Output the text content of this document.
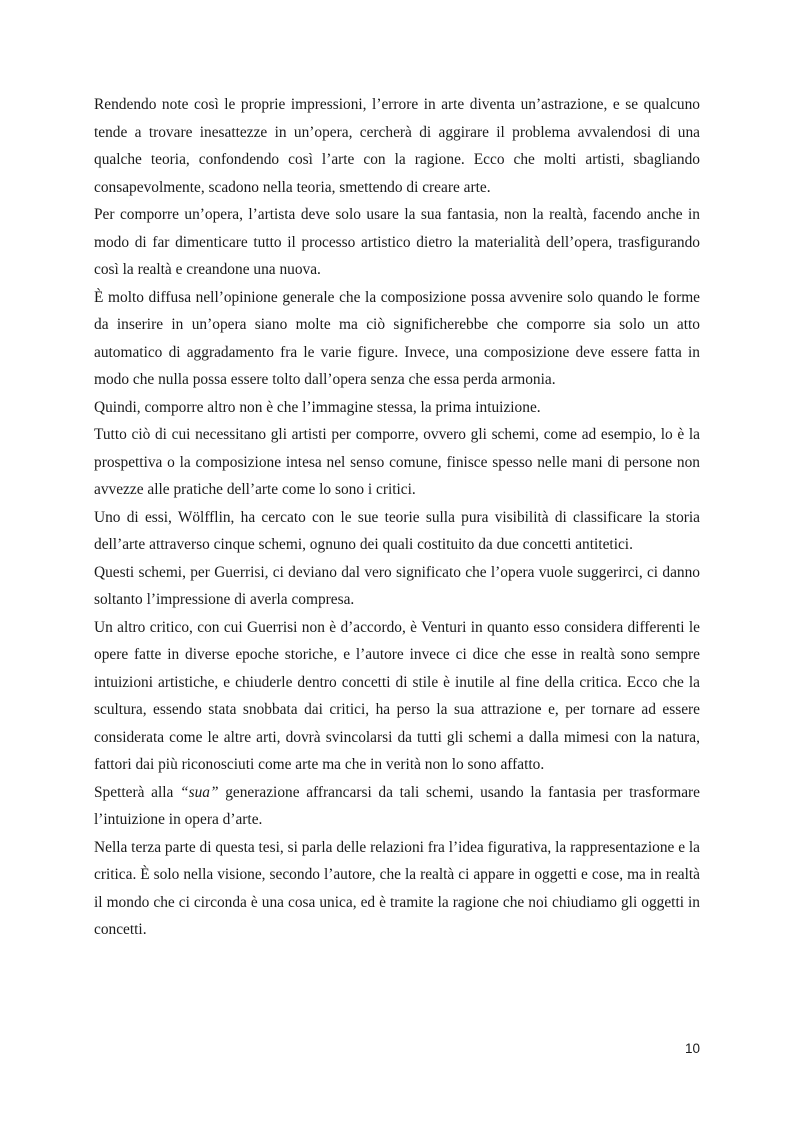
Rendendo note così le proprie impressioni, l’errore in arte diventa un’astrazione, e se qualcuno tende a trovare inesattezze in un’opera, cercherà di aggirare il problema avvalendosi di una qualche teoria, confondendo così l’arte con la ragione. Ecco che molti artisti, sbagliando consapevolmente, scadono nella teoria, smettendo di creare arte.

Per comporre un’opera, l’artista deve solo usare la sua fantasia, non la realtà, facendo anche in modo di far dimenticare tutto il processo artistico dietro la materialità dell’opera, trasfigurando così la realtà e creandone una nuova.

È molto diffusa nell’opinione generale che la composizione possa avvenire solo quando le forme da inserire in un’opera siano molte ma ciò significherebbe che comporre sia solo un atto automatico di aggradamento fra le varie figure. Invece, una composizione deve essere fatta in modo che nulla possa essere tolto dall’opera senza che essa perda armonia.

Quindi, comporre altro non è che l’immagine stessa, la prima intuizione.

Tutto ciò di cui necessitano gli artisti per comporre, ovvero gli schemi, come ad esempio, lo è la prospettiva o la composizione intesa nel senso comune, finisce spesso nelle mani di persone non avvezze alle pratiche dell’arte come lo sono i critici.

Uno di essi, Wölfflin, ha cercato con le sue teorie sulla pura visibilità di classificare la storia dell’arte attraverso cinque schemi, ognuno dei quali costituito da due concetti antitetici.

Questi schemi, per Guerrisi, ci deviano dal vero significato che l’opera vuole suggerirci, ci danno soltanto l’impressione di averla compresa.

Un altro critico, con cui Guerrisi non è d’accordo, è Venturi in quanto esso considera differenti le opere fatte in diverse epoche storiche, e l’autore invece ci dice che esse in realtà sono sempre intuizioni artistiche, e chiuderle dentro concetti di stile è inutile al fine della critica. Ecco che la scultura, essendo stata snobbata dai critici, ha perso la sua attrazione e, per tornare ad essere considerata come le altre arti, dovrà svincolarsi da tutti gli schemi a dalla mimesi con la natura, fattori dai più riconosciuti come arte ma che in verità non lo sono affatto.

Spetterà alla “sua” generazione affrancarsi da tali schemi, usando la fantasia per trasformare l’intuizione in opera d’arte.

Nella terza parte di questa tesi, si parla delle relazioni fra l’idea figurativa, la rappresentazione e la critica. È solo nella visione, secondo l’autore, che la realtà ci appare in oggetti e cose, ma in realtà il mondo che ci circonda è una cosa unica, ed è tramite la ragione che noi chiudiamo gli oggetti in concetti.

10
